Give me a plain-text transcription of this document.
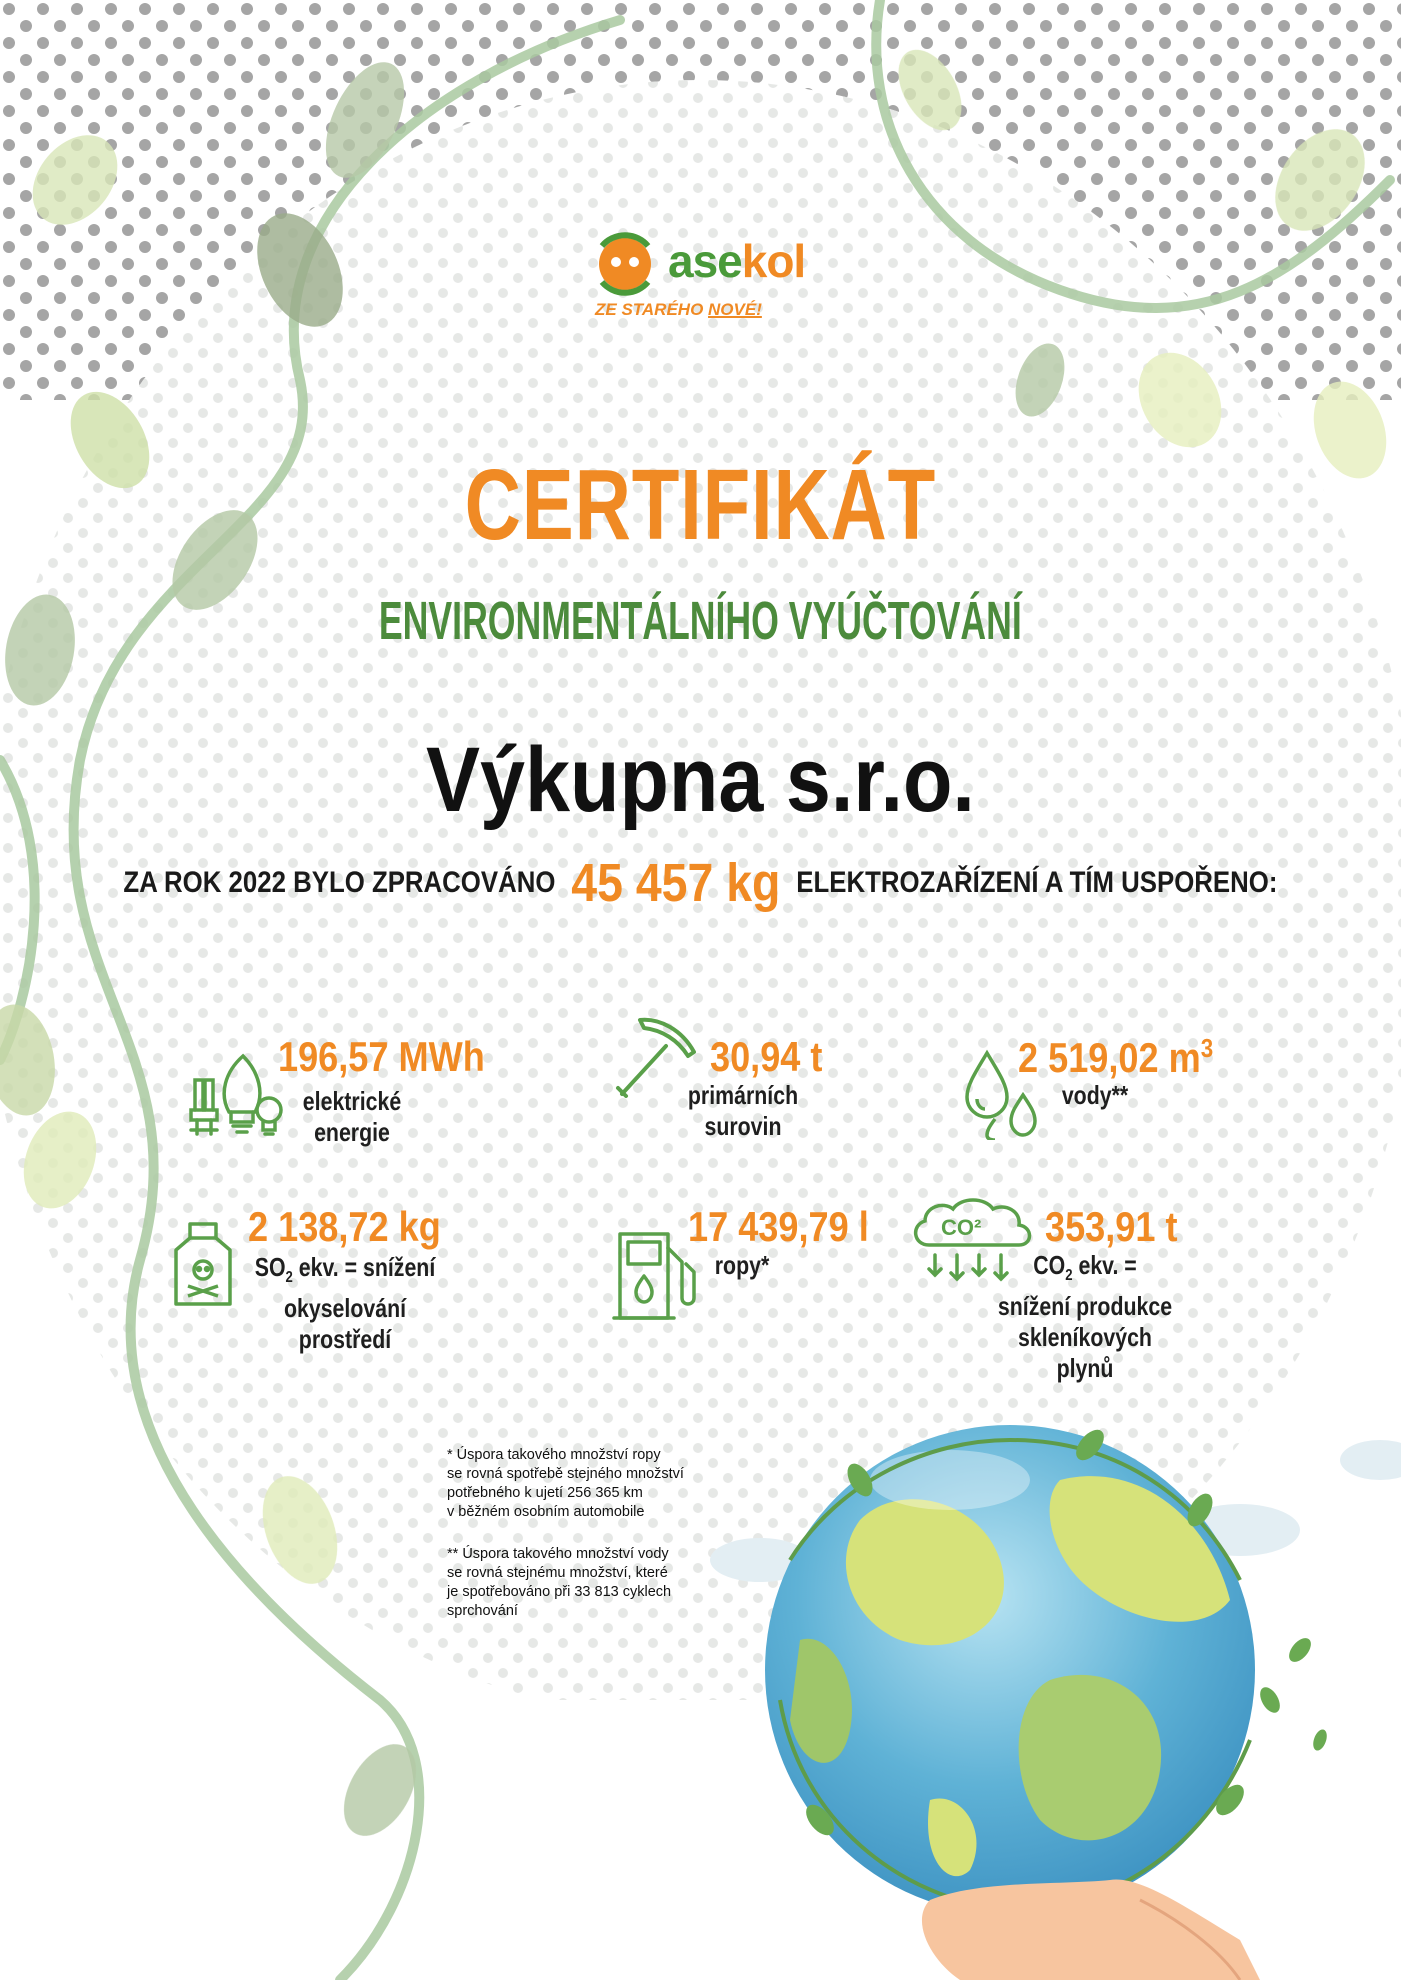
asekol
ZE STARÉHO NOVÉ!
CERTIFIKÁT
ENVIRONMENTÁLNÍHO VYÚČTOVÁNÍ
Výkupna s.r.o.
ZA ROK 2022 BYLO ZPRACOVÁNO 45 457 kg ELEKTROZAŘÍZENÍ A TÍM USPOŘENO:
196,57 MWh
elektrické
energie
30,94 t
primárních
surovin
2 519,02 $m^3$
vody**
2 138,72 kg
$SO_2$ ekv. = snížení
okyselování prostředí
17 439,79 l
ropy*
CO² 353,91 t
$CO_2$ ekv. =
snížení produkce
skleníkových plynů

* Úspora takového množství ropy
se rovná spotřebě stejného množství
potřebného k ujetí 256 365 km
v běžném osobním automobile

** Úspora takového množství vody
se rovná stejnému množství, které
je spotřebováno při 33 813 cyklech
sprchování
